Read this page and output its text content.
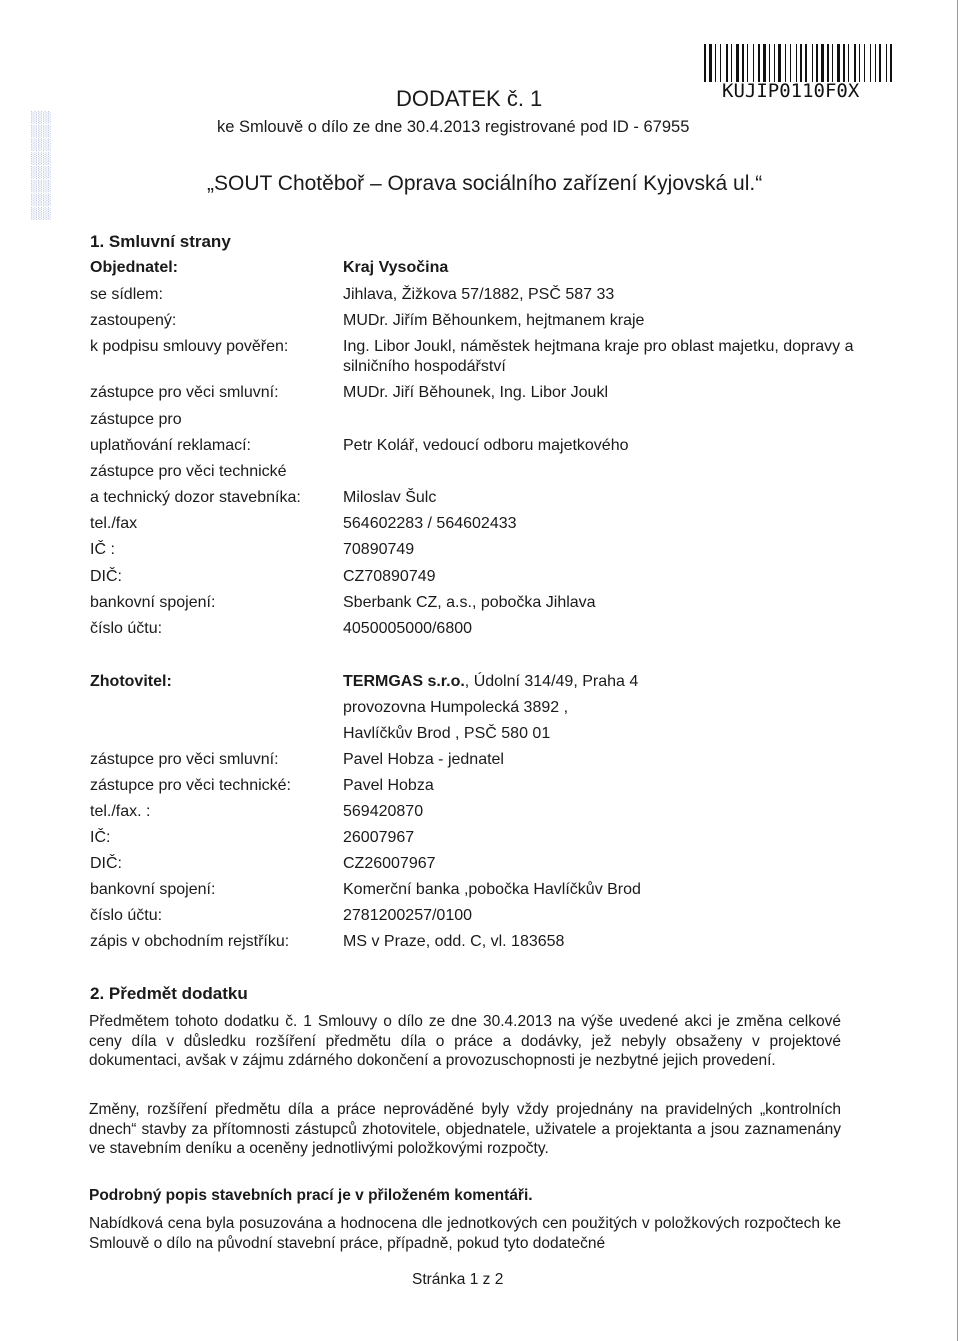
KUJIP0110F0X
▒▒▒▒▒▒▒▒
DODATEK č. 1
ke Smlouvě o dílo ze dne 30.4.2013 registrované pod ID - 67955
„SOUT Chotěboř – Oprava sociálního zařízení Kyjovská ul.“
1. Smluvní strany
Objednatel:	Kraj Vysočina
se sídlem:	Jihlava, Žižkova 57/1882, PSČ 587 33
zastoupený:	MUDr. Jiřím Běhounkem, hejtmanem kraje
k podpisu smlouvy pověřen:	Ing. Libor Joukl, náměstek hejtmana kraje pro oblast majetku, dopravy a silničního hospodářství
zástupce pro věci smluvní:	MUDr. Jiří Běhounek, Ing. Libor Joukl
zástupce pro
uplatňování reklamací:	Petr Kolář, vedoucí odboru majetkového
zástupce pro věci technické
a technický dozor stavebníka:	Miloslav Šulc
tel./fax	564602283 / 564602433
IČ :	70890749
DIČ:	CZ70890749
bankovní spojení:	Sberbank CZ, a.s., pobočka Jihlava
číslo účtu:	4050005000/6800
Zhotovitel:	TERMGAS s.r.o., Údolní 314/49, Praha 4
provozovna Humpolecká 3892 ,
Havlíčkův Brod , PSČ 580 01
zástupce pro věci smluvní:	Pavel Hobza - jednatel
zástupce pro věci technické:	Pavel Hobza
tel./fax. :	569420870
IČ:	26007967
DIČ:	CZ26007967
bankovní spojení:	Komerční banka ,pobočka Havlíčkův Brod
číslo účtu:	2781200257/0100
zápis v obchodním rejstříku:	MS v Praze, odd. C, vl. 183658
2. Předmět dodatku
Předmětem tohoto dodatku č. 1 Smlouvy o dílo ze dne 30.4.2013 na výše uvedené akci je změna celkové ceny díla v důsledku rozšíření předmětu díla o práce a dodávky, jež nebyly obsaženy v projektové dokumentaci, avšak v zájmu zdárného dokončení a provozuschopnosti je nezbytné jejich provedení.
Změny, rozšíření předmětu díla a práce neprováděné byly vždy projednány na pravidelných „kontrolních dnech“ stavby za přítomnosti zástupců zhotovitele, objednatele, uživatele a projektanta a jsou zaznamenány ve stavebním deníku a oceněny jednotlivými položkovými rozpočty.
Podrobný popis stavebních prací je v přiloženém komentáři.
Nabídková cena byla posuzována a hodnocena dle jednotkových cen použitých v položkových rozpočtech ke Smlouvě o dílo na původní stavební práce, případně, pokud tyto dodatečné
Stránka 1 z 2
